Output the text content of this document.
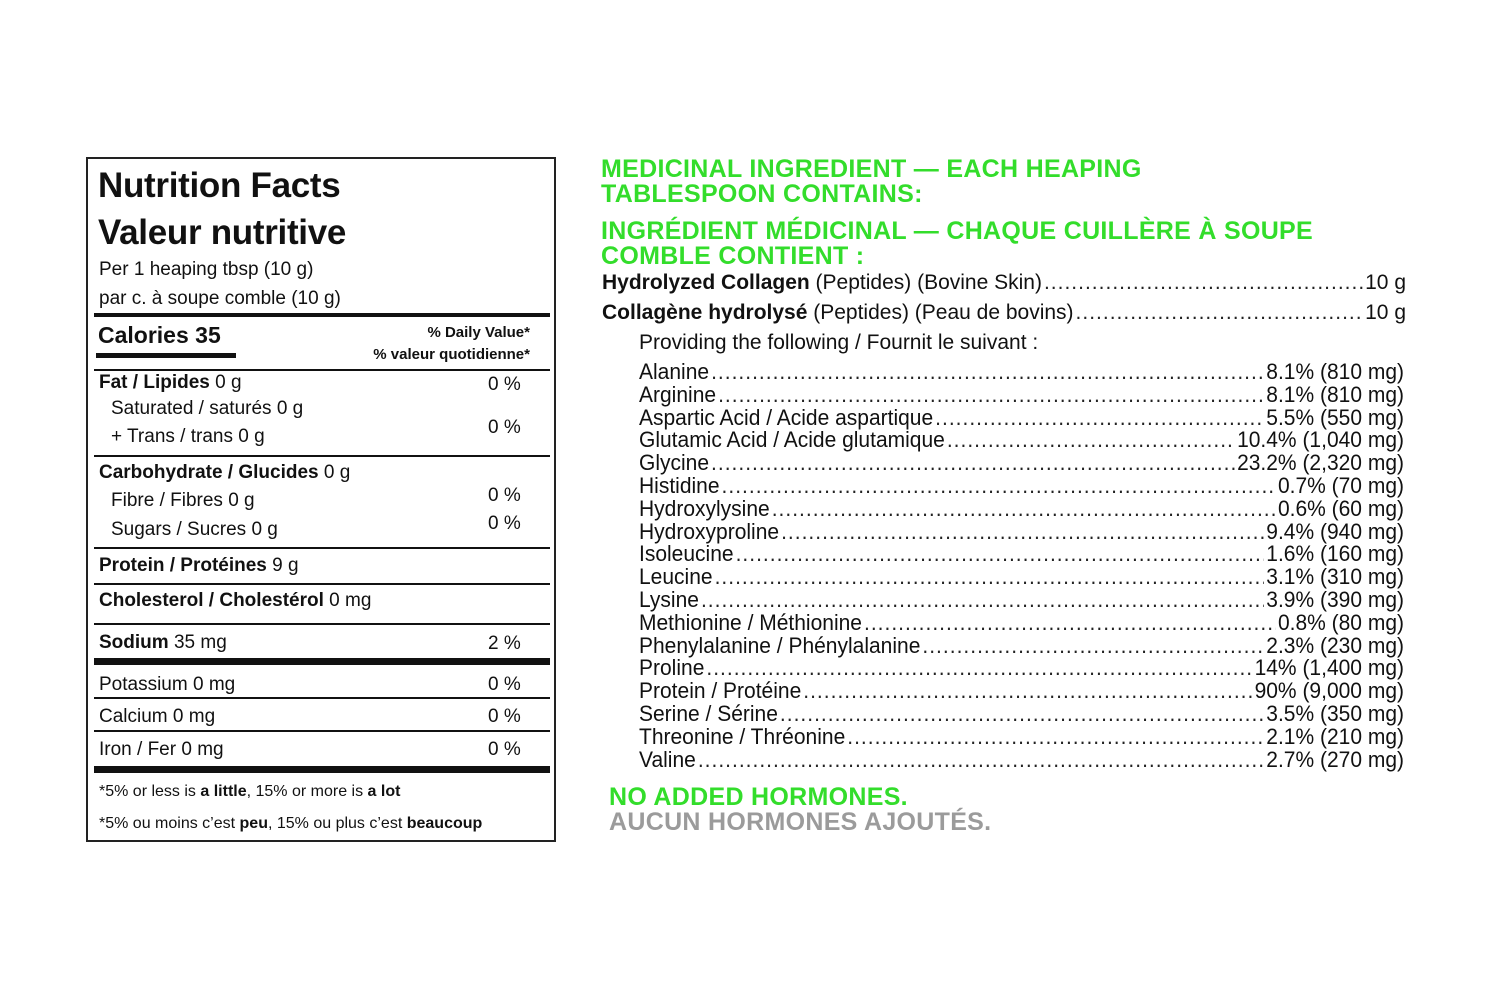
Nutrition Facts
Valeur nutritive
Per 1 heaping tbsp (10 g)
par c. à soupe comble (10 g)
Calories 35	% Daily Value*
% valeur quotidienne*
Fat / Lipides 0 g	0 %
Saturated / saturés 0 g
+ Trans / trans 0 g	0 %
Carbohydrate / Glucides 0 g
Fibre / Fibres 0 g	0 %
Sugars / Sucres 0 g	0 %
Protein / Protéines 9 g
Cholesterol / Cholestérol 0 mg
Sodium 35 mg	2 %
Potassium 0 mg	0 %
Calcium 0 mg	0 %
Iron / Fer 0 mg	0 %
*5% or less is a little, 15% or more is a lot
*5% ou moins c’est peu, 15% ou plus c’est beaucoup
MEDICINAL INGREDIENT — EACH HEAPING
TABLESPOON CONTAINS:
INGRÉDIENT MÉDICINAL — CHAQUE CUILLÈRE À SOUPE
COMBLE CONTIENT :
Hydrolyzed Collagen (Peptides) (Bovine Skin) .....	10 g
Collagène hydrolysé (Peptides) (Peau de bovins) .....	10 g
Providing the following / Fournit le suivant :
Alanine .....	8.1% (810 mg)
Arginine .....	8.1% (810 mg)
Aspartic Acid / Acide aspartique .....	5.5% (550 mg)
Glutamic Acid / Acide glutamique .....	10.4% (1,040 mg)
Glycine .....	23.2% (2,320 mg)
Histidine .....	0.7% (70 mg)
Hydroxylysine .....	0.6% (60 mg)
Hydroxyproline .....	9.4% (940 mg)
Isoleucine .....	1.6% (160 mg)
Leucine .....	3.1% (310 mg)
Lysine .....	3.9% (390 mg)
Methionine / Méthionine .....	0.8% (80 mg)
Phenylalanine / Phénylalanine .....	2.3% (230 mg)
Proline .....	14% (1,400 mg)
Protein / Protéine .....	90% (9,000 mg)
Serine / Sérine .....	3.5% (350 mg)
Threonine / Thréonine .....	2.1% (210 mg)
Valine .....	2.7% (270 mg)
NO ADDED HORMONES.
AUCUN HORMONES AJOUTÉS.
